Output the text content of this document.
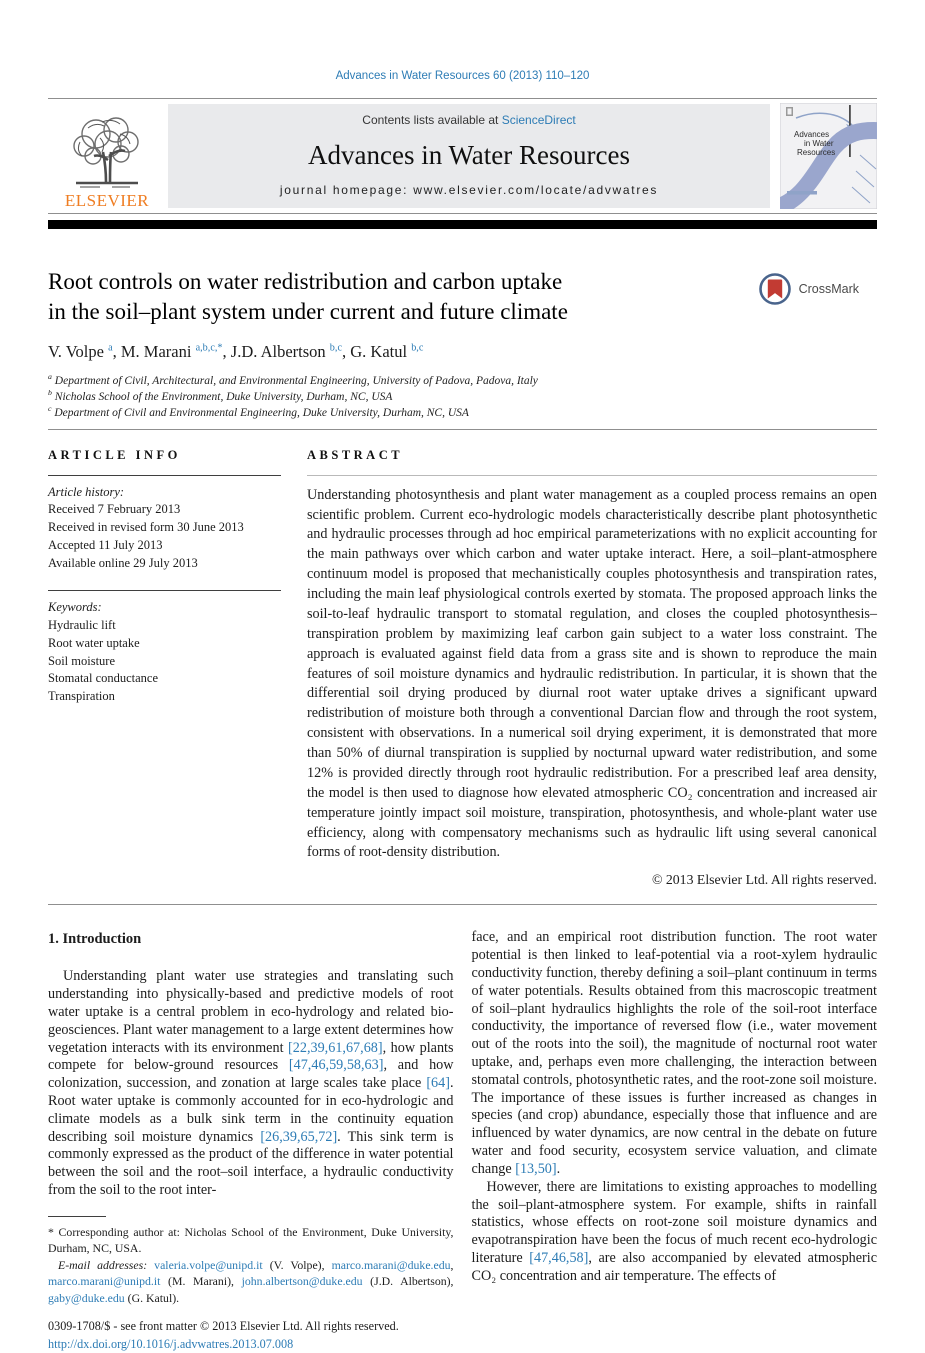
Advances in Water Resources 60 (2013) 110–120
ELSEVIER
Contents lists available at ScienceDirect
Advances in Water Resources
journal homepage: www.elsevier.com/locate/advwatres
Advances
in Water
Resources
Root controls on water redistribution and carbon uptake
in the soil–plant system under current and future climate
CrossMark
V. Volpe $^a$, M. Marani $^{a,b,c,*}$, J.D. Albertson $^{b,c}$, G. Katul $^{b,c}$

$^a$ Department of Civil, Architectural, and Environmental Engineering, University of Padova, Padova, Italy

$^b$ Nicholas School of the Environment, Duke University, Durham, NC, USA

$^c$ Department of Civil and Environmental Engineering, Duke University, Durham, NC, USA

ARTICLE INFO

Article history:

Received 7 February 2013

Received in revised form 30 June 2013

Accepted 11 July 2013

Available online 29 July 2013

Keywords:

Hydraulic lift

Root water uptake

Soil moisture

Stomatal conductance

Transpiration

ABSTRACT

Understanding photosynthesis and plant water management as a coupled process remains an open scientific problem. Current eco-hydrologic models characteristically describe plant photosynthetic and hydraulic processes through ad hoc empirical parameterizations with no explicit accounting for the main pathways over which carbon and water uptake interact. Here, a soil–plant-atmosphere continuum model is proposed that mechanistically couples photosynthesis and transpiration rates, including the main leaf physiological controls exerted by stomata. The proposed approach links the soil-to-leaf hydraulic transport to stomatal regulation, and closes the coupled photosynthesis–transpiration problem by maximizing leaf carbon gain subject to a water loss constraint. The approach is evaluated against field data from a grass site and is shown to reproduce the main features of soil moisture dynamics and hydraulic redistribution. In particular, it is shown that the differential soil drying produced by diurnal root water uptake drives a significant upward redistribution of moisture both through a conventional Darcian flow and through the root system, consistent with observations. In a numerical soil drying experiment, it is demonstrated that more than 50% of diurnal transpiration is supplied by nocturnal upward water redistribution, and some 12% is provided directly through root hydraulic redistribution. For a prescribed leaf area density, the model is then used to diagnose how elevated atmospheric CO₂ concentration and increased air temperature jointly impact soil moisture, transpiration, photosynthesis, and whole-plant water use efficiency, along with compensatory mechanisms such as hydraulic lift using several canonical forms of root-density distribution.

© 2013 Elsevier Ltd. All rights reserved.
1. Introduction

Understanding plant water use strategies and translating such understanding into physically-based and predictive models of root water uptake is a central problem in eco-hydrology and related bio-geosciences. Plant water management to a large extent determines how vegetation interacts with its environment [22,39,61,67,68], how plants compete for below-ground resources [47,46,59,58,63], and how colonization, succession, and zonation at large scales take place [64]. Root water uptake is commonly accounted for in eco-hydrologic and climate models as a bulk sink term in the continuity equation describing soil moisture dynamics [26,39,65,72]. This sink term is commonly expressed as the product of the difference in water potential between the soil and the root–soil interface, a hydraulic conductivity from the soil to the root inter-

* Corresponding author at: Nicholas School of the Environment, Duke University, Durham, NC, USA.

E-mail addresses: valeria.volpe@unipd.it (V. Volpe), marco.marani@duke.edu, marco.marani@unipd.it (M. Marani), john.albertson@duke.edu (J.D. Albertson), gaby@duke.edu (G. Katul).

0309-1708/$ - see front matter © 2013 Elsevier Ltd. All rights reserved.

http://dx.doi.org/10.1016/j.advwatres.2013.07.008

face, and an empirical root distribution function. The root water potential is then linked to leaf-potential via a root-xylem hydraulic conductivity function, thereby defining a soil–plant continuum in terms of water potentials. Results obtained from this macroscopic treatment of soil–plant hydraulics highlights the role of the soil-root interface conductivity, the importance of reversed flow (i.e., water movement out of the roots into the soil), the magnitude of nocturnal root water uptake, and, perhaps even more challenging, the interaction between stomatal controls, photosynthetic rates, and the root-zone soil moisture. The importance of these issues is further increased as changes in species (and crop) abundance, especially those that influence and are influenced by water dynamics, are now central in the debate on future water and food security, ecosystem service valuation, and climate change [13,50].

However, there are limitations to existing approaches to modelling the soil–plant-atmosphere system. For example, shifts in rainfall statistics, whose effects on root-zone soil moisture dynamics and evapotranspiration have been the focus of much recent eco-hydrologic literature [47,46,58], are also accompanied by elevated atmospheric CO₂ concentration and air temperature. The effects of
